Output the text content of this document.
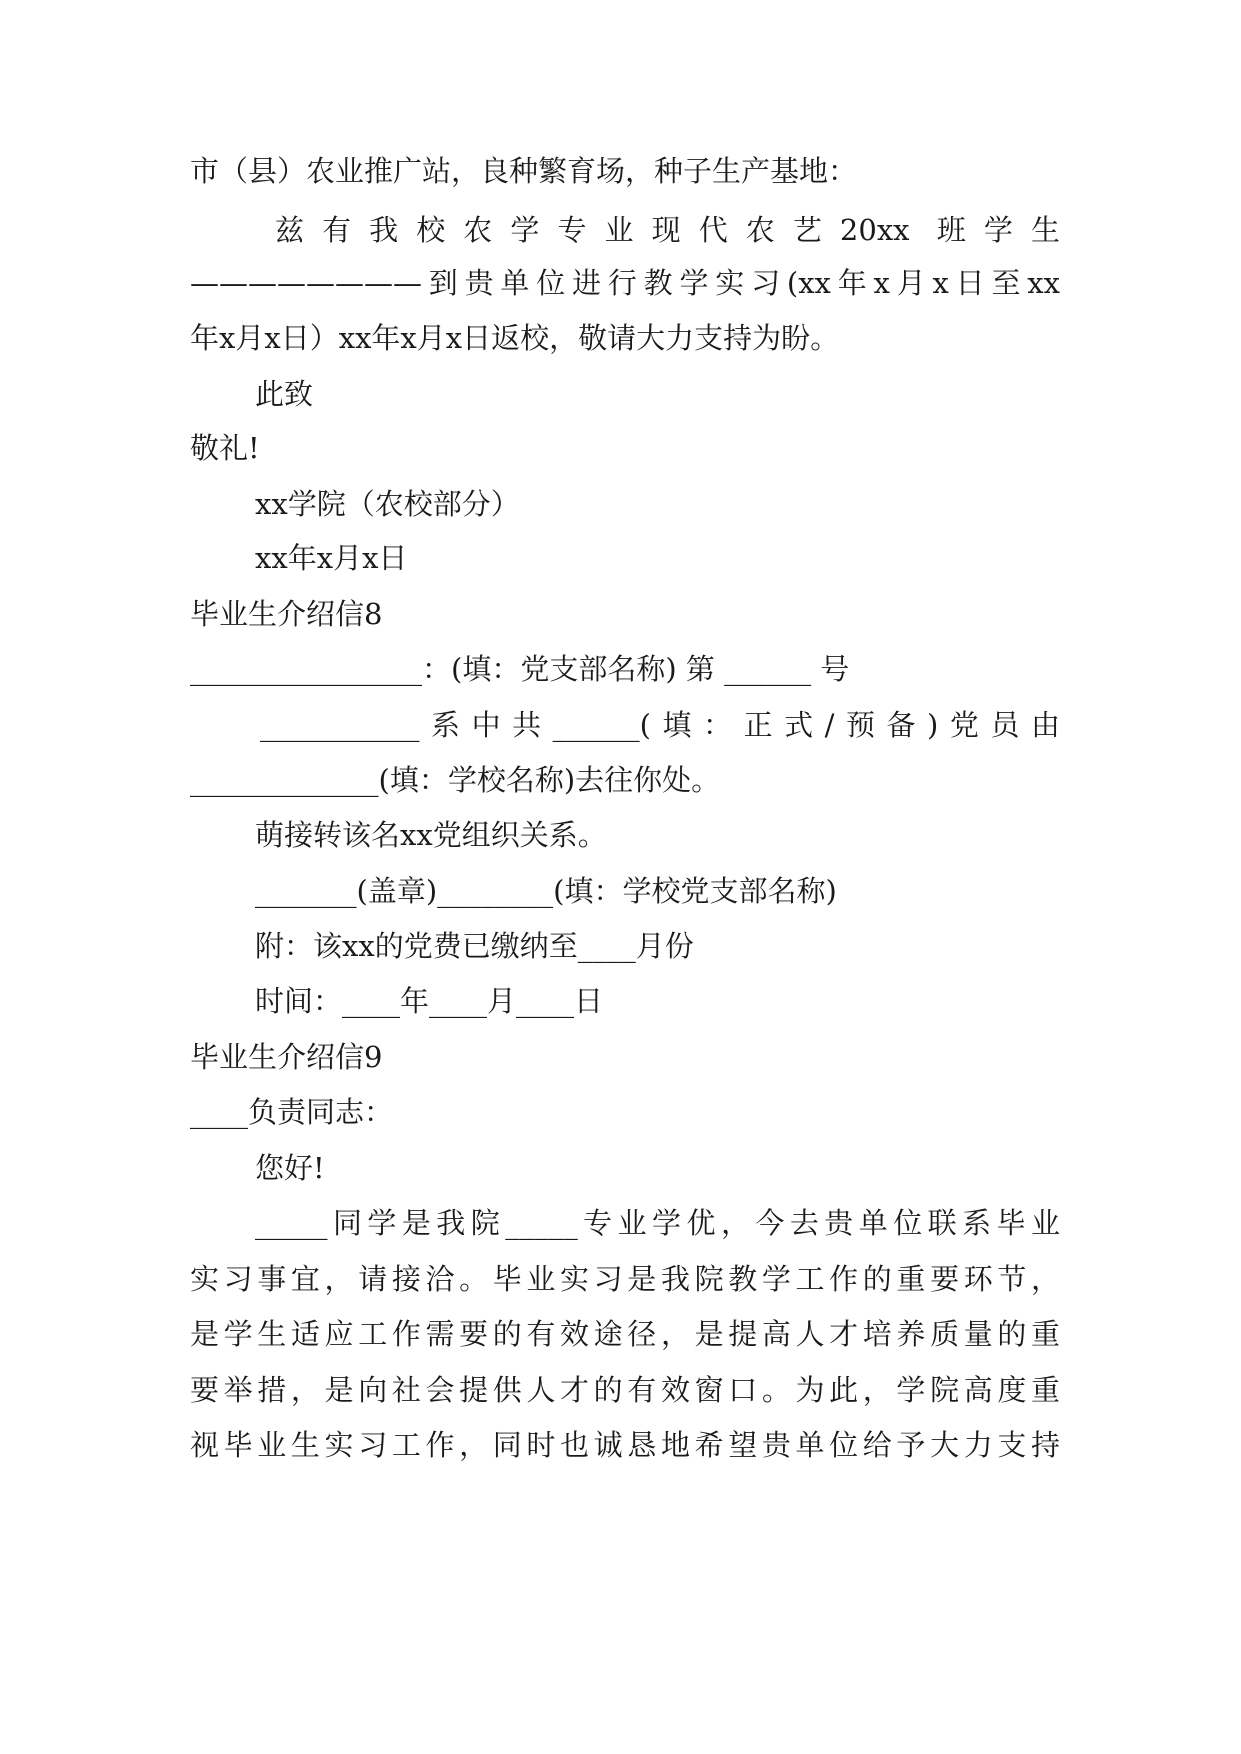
市（县）农业推广站，良种繁育场，种子生产基地：
兹有我校农学专业现代农艺20xx 班学生
————————到贵单位进行教学实习(xx年x月x日至xx
年x月x日）xx年x月x日返校，敬请大力支持为盼。
此致
敬礼!
xx学院（农校部分）
xx年x月x日
毕业生介绍信8
________________：(填：党支部名称) 第 ______ 号
___________系中共______(填：正式/预备)党员由
_____________(填：学校名称)去往你处。
萌接转该名xx党组织关系。
_______(盖章)________(填：学校党支部名称)
附：该xx的党费已缴纳至____月份
时间：____年____月____日
毕业生介绍信9
____负责同志：
您好!
_____同学是我院_____专业学优，今去贵单位联系毕业
实习事宜，请接洽。毕业实习是我院教学工作的重要环节，
是学生适应工作需要的有效途径，是提高人才培养质量的重
要举措，是向社会提供人才的有效窗口。为此，学院高度重
视毕业生实习工作，同时也诚恳地希望贵单位给予大力支持
